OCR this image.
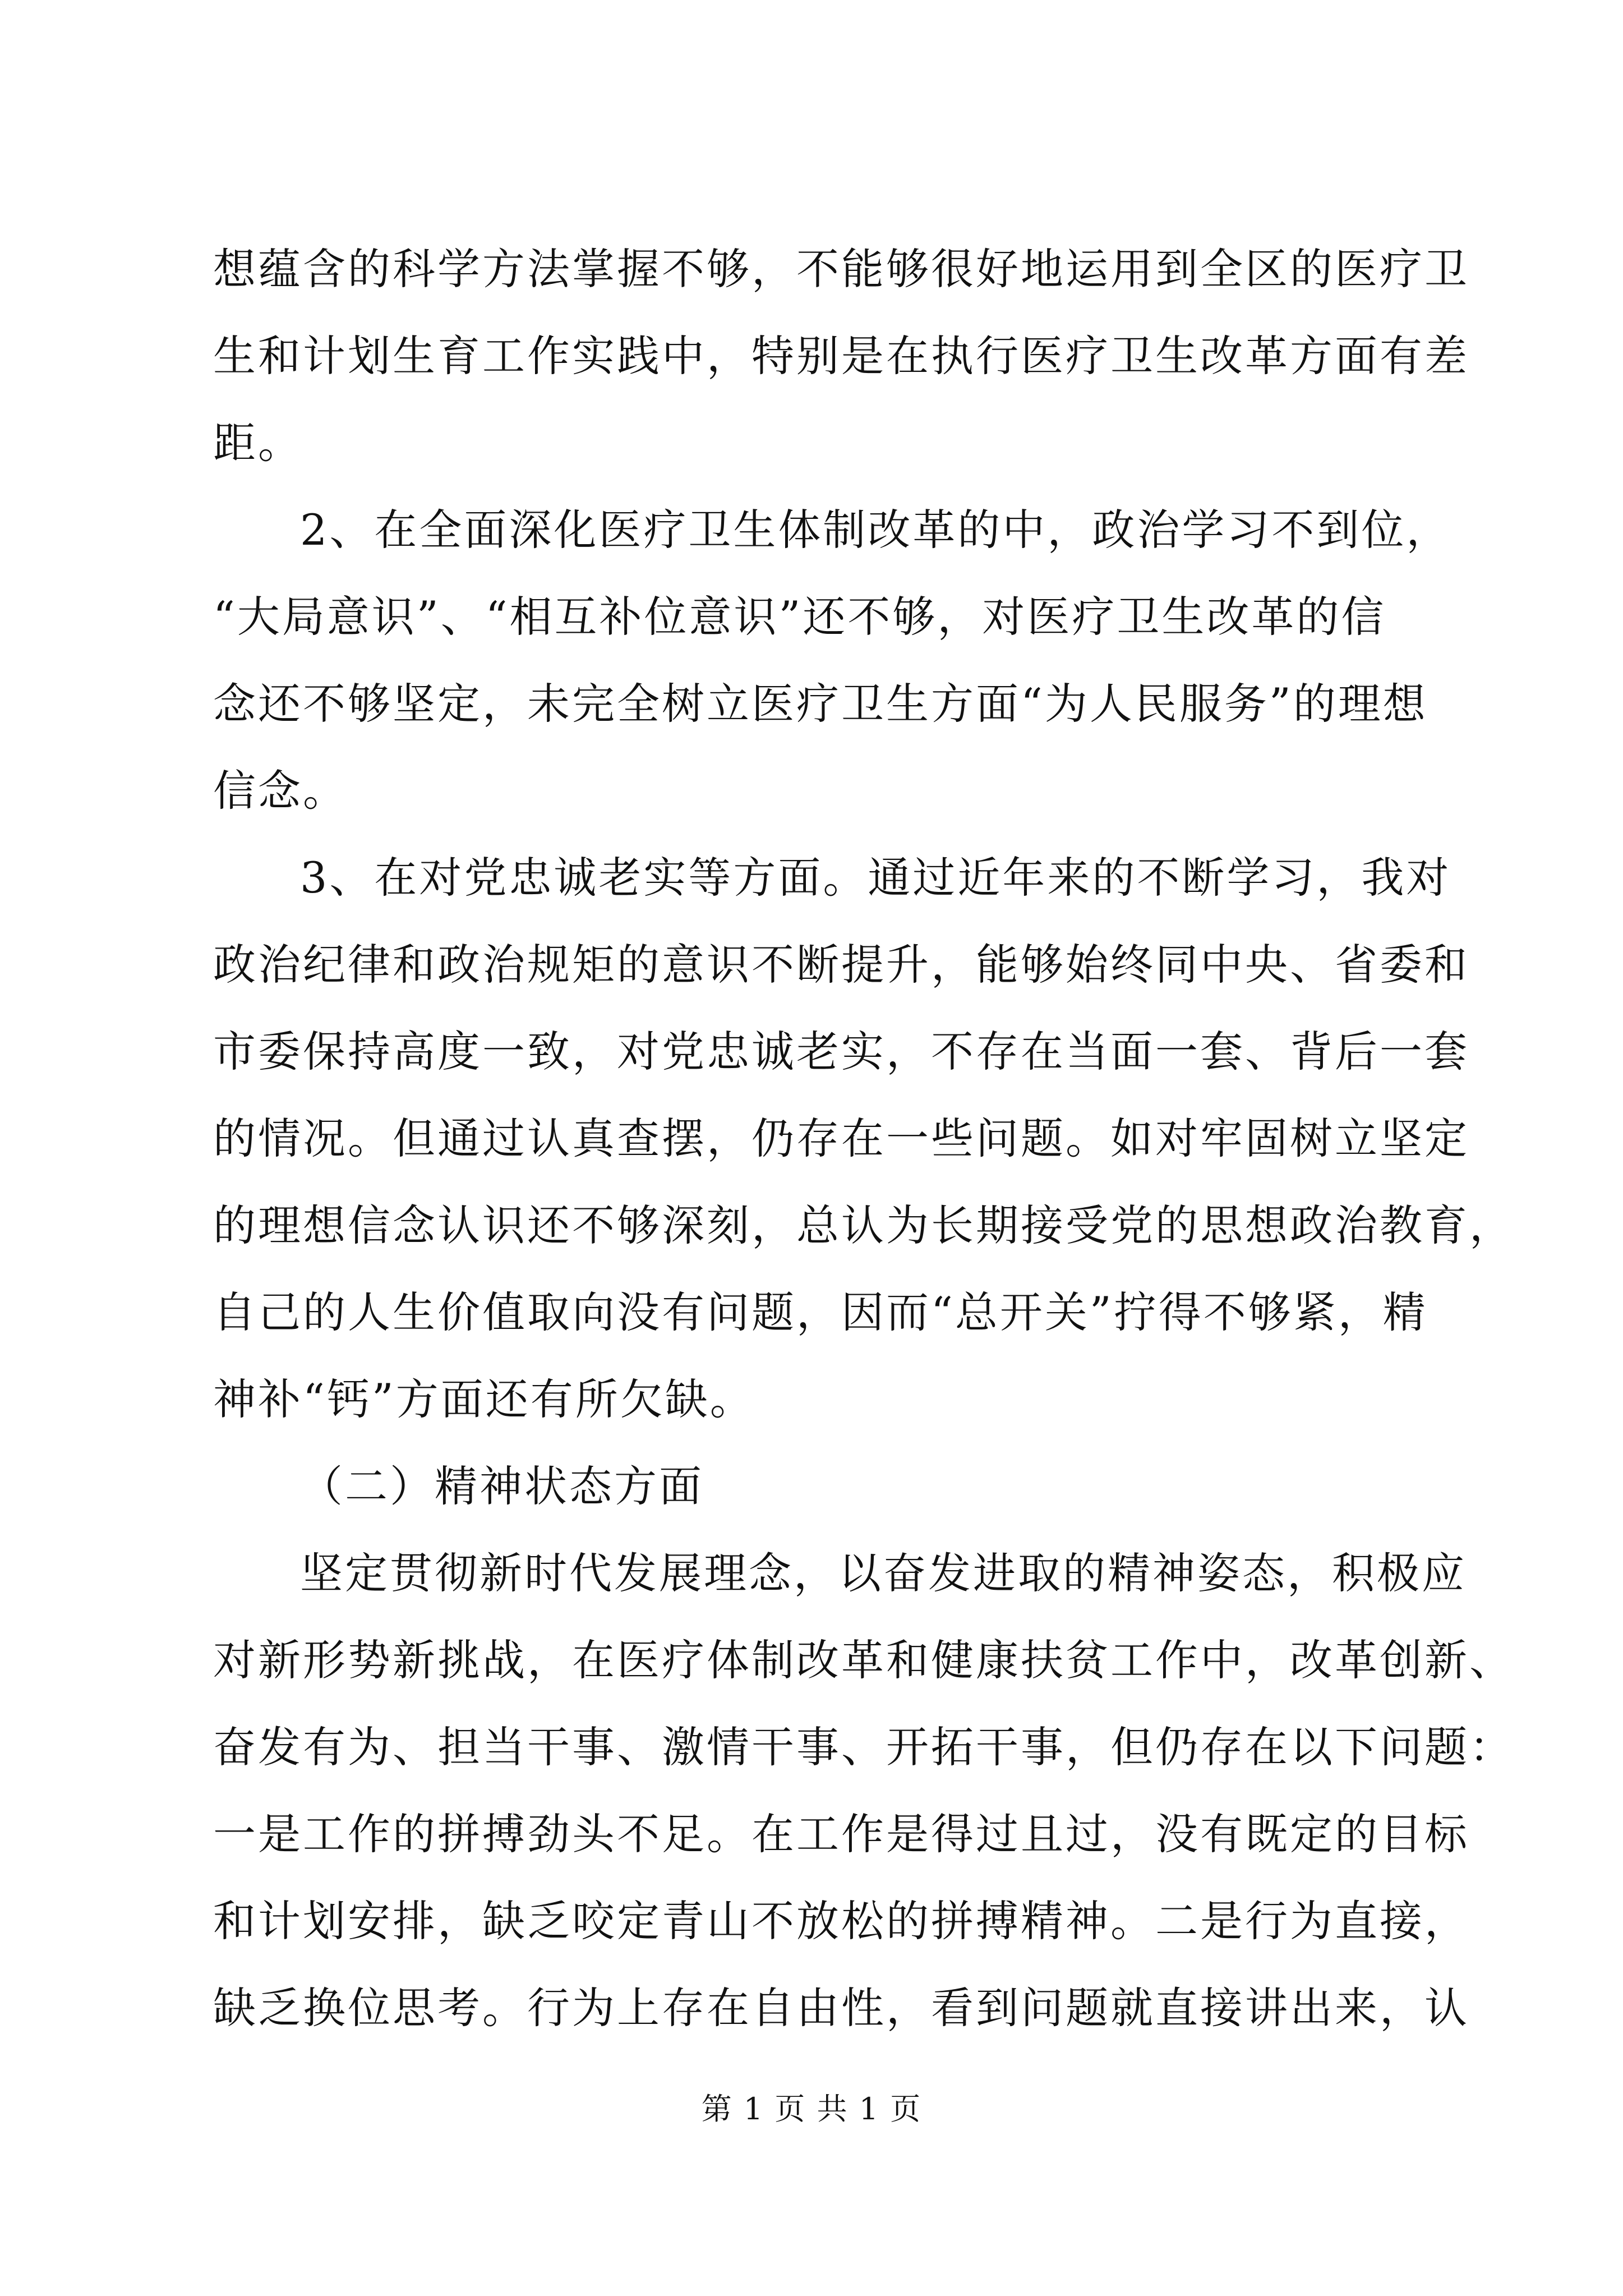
想蕴含的科学方法掌握不够，不能够很好地运用到全区的医疗卫
生和计划生育工作实践中，特别是在执行医疗卫生改革方面有差
距。
2、在全面深化医疗卫生体制改革的中，政治学习不到位，
“大局意识”、“相互补位意识”还不够，对医疗卫生改革的信
念还不够坚定，未完全树立医疗卫生方面“为人民服务”的理想
信念。
3、在对党忠诚老实等方面。通过近年来的不断学习，我对
政治纪律和政治规矩的意识不断提升，能够始终同中央、省委和
市委保持高度一致，对党忠诚老实，不存在当面一套、背后一套
的情况。但通过认真查摆，仍存在一些问题。如对牢固树立坚定
的理想信念认识还不够深刻，总认为长期接受党的思想政治教育，
自己的人生价值取向没有问题，因而“总开关”拧得不够紧，精
神补“钙”方面还有所欠缺。
（二）精神状态方面
坚定贯彻新时代发展理念，以奋发进取的精神姿态，积极应
对新形势新挑战，在医疗体制改革和健康扶贫工作中，改革创新、
奋发有为、担当干事、激情干事、开拓干事，但仍存在以下问题：
一是工作的拼搏劲头不足。在工作是得过且过，没有既定的目标
和计划安排，缺乏咬定青山不放松的拼搏精神。二是行为直接，
缺乏换位思考。行为上存在自由性，看到问题就直接讲出来，认
第 1 页 共 1 页
